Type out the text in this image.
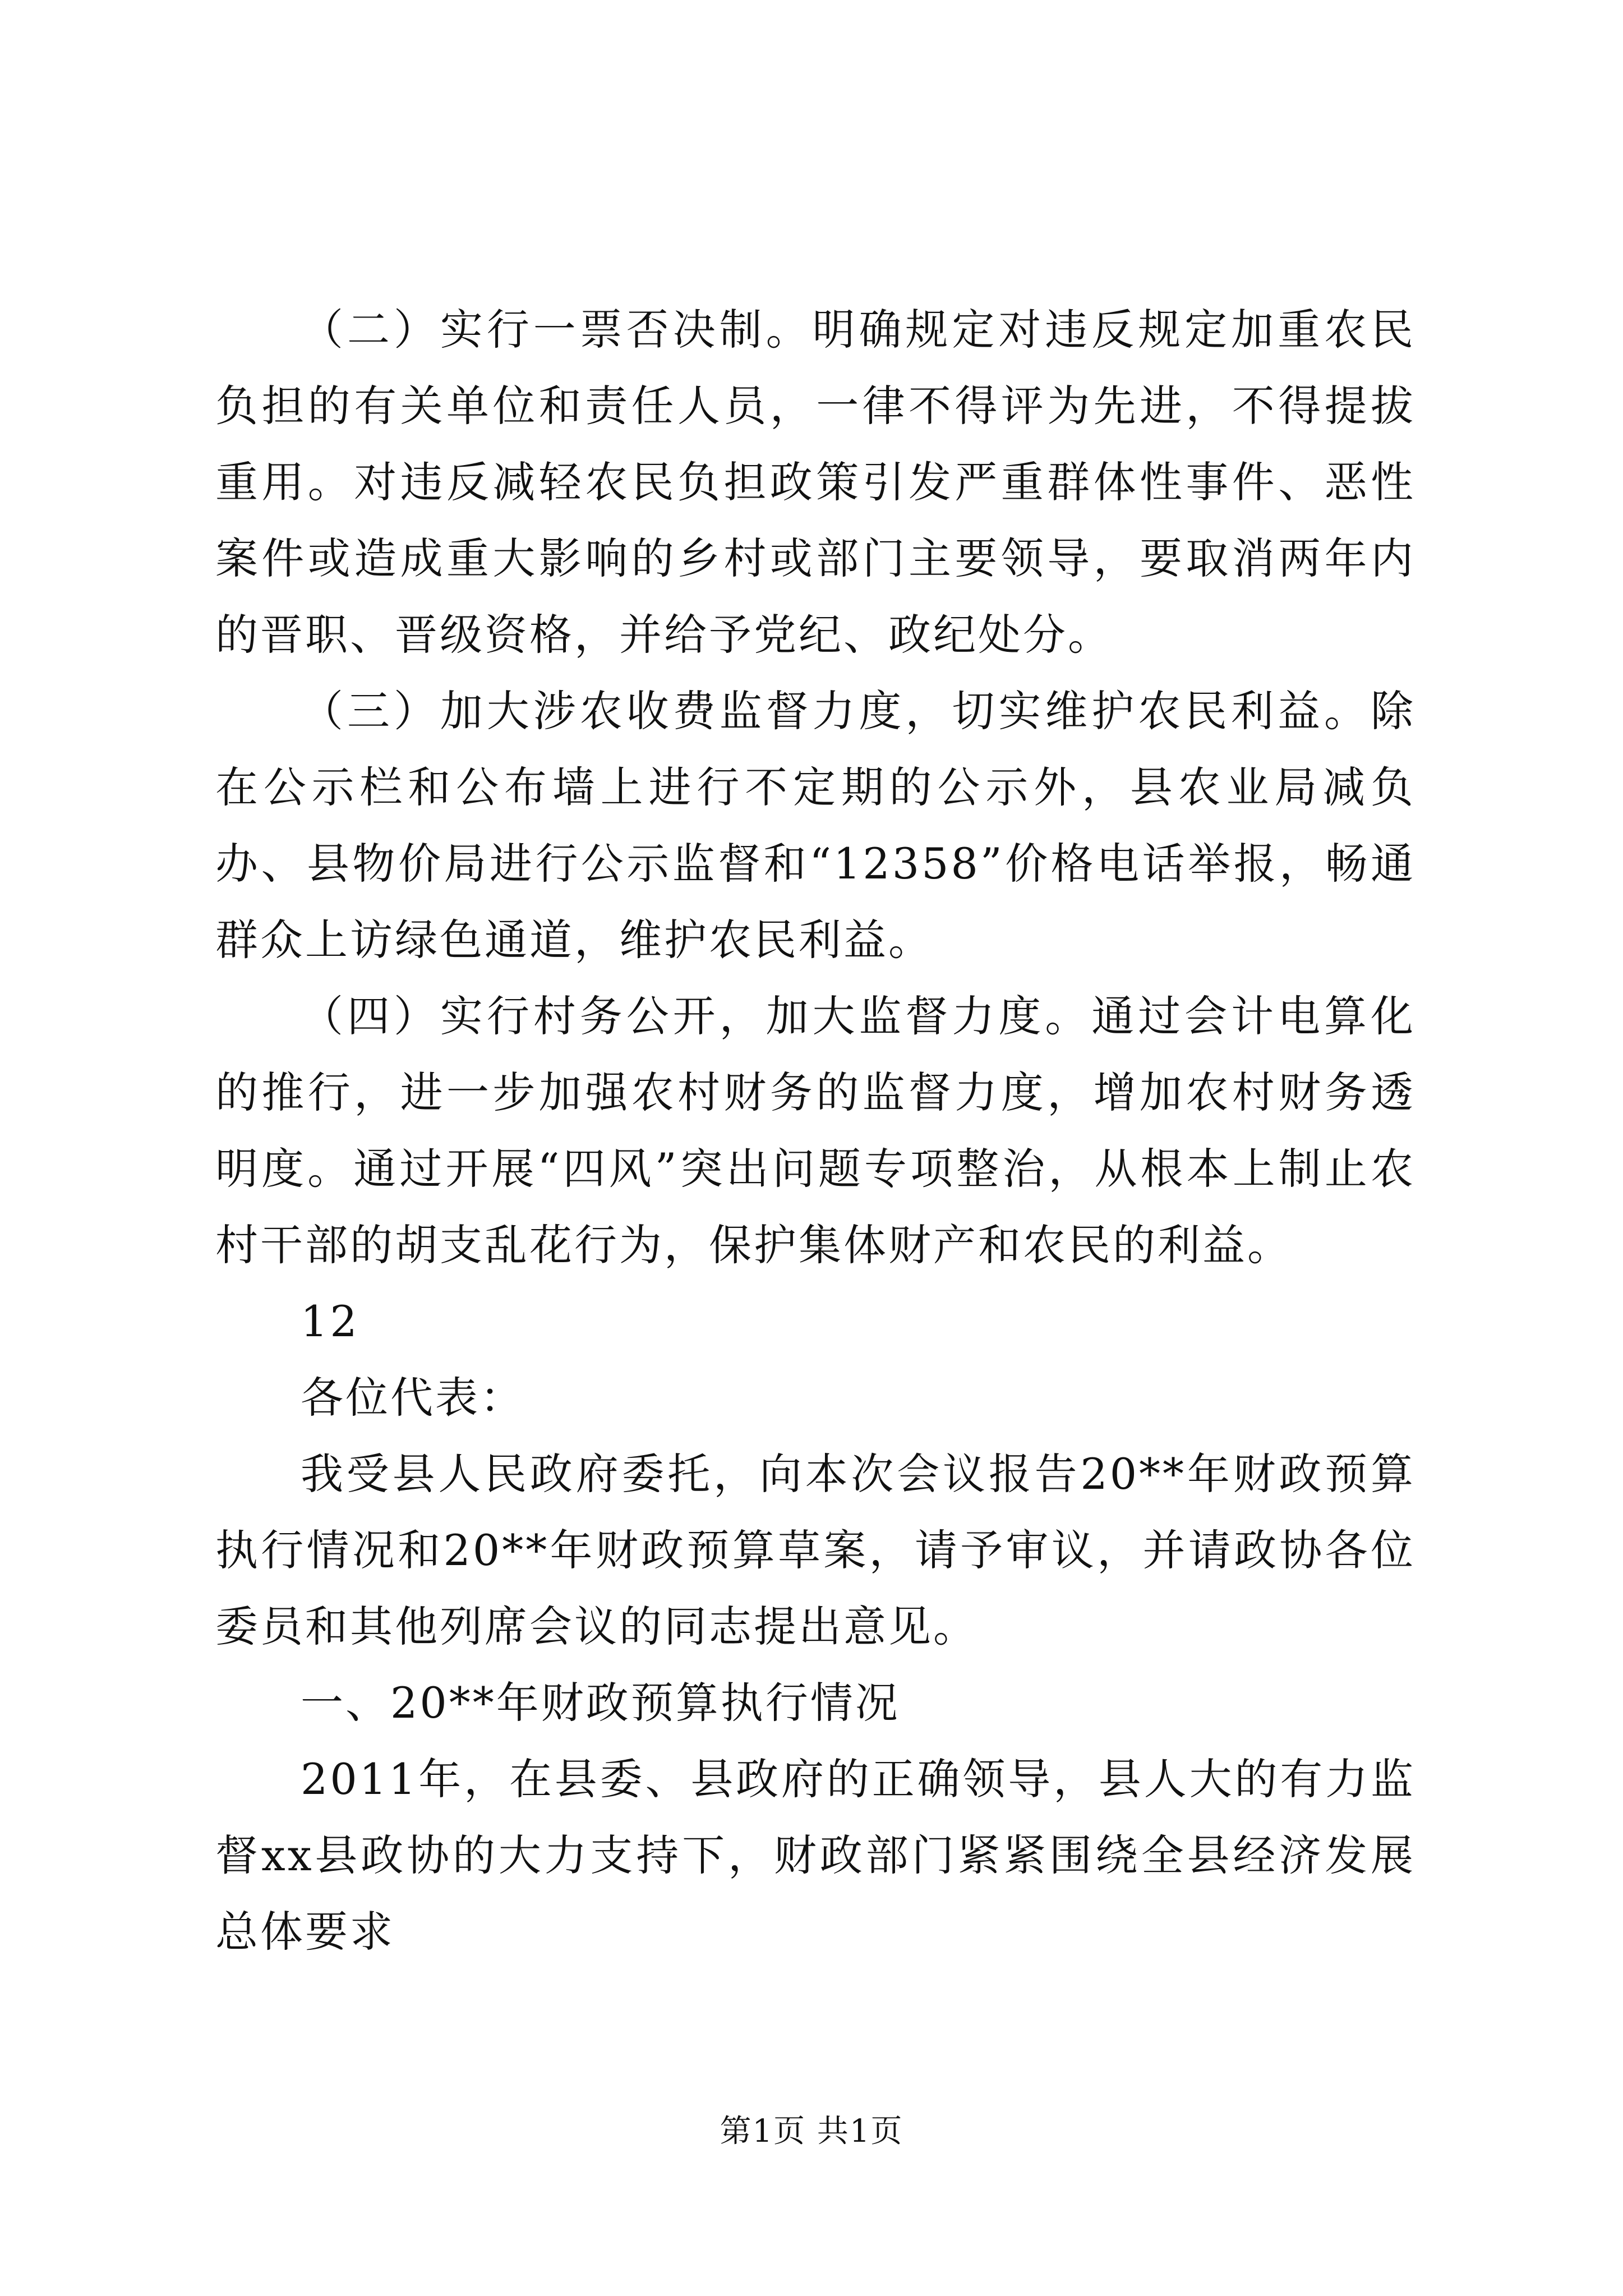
（二）实行一票否决制。明确规定对违反规定加重农民负担的有关单位和责任人员，一律不得评为先进，不得提拔重用。对违反减轻农民负担政策引发严重群体性事件、恶性案件或造成重大影响的乡村或部门主要领导，要取消两年内的晋职、晋级资格，并给予党纪、政纪处分。

（三）加大涉农收费监督力度，切实维护农民利益。除在公示栏和公布墙上进行不定期的公示外，县农业局减负办、县物价局进行公示监督和“12358”价格电话举报，畅通群众上访绿色通道，维护农民利益。

（四）实行村务公开，加大监督力度。通过会计电算化的推行，进一步加强农村财务的监督力度，增加农村财务透明度。通过开展“四风”突出问题专项整治，从根本上制止农村干部的胡支乱花行为，保护集体财产和农民的利益。

12

各位代表：

我受县人民政府委托，向本次会议报告20**年财政预算执行情况和20**年财政预算草案，请予审议，并请政协各位委员和其他列席会议的同志提出意见。

一、20**年财政预算执行情况

2011年，在县委、县政府的正确领导，县人大的有力监督xx县政协的大力支持下，财政部门紧紧围绕全县经济发展总体要求

第1页 共1页
